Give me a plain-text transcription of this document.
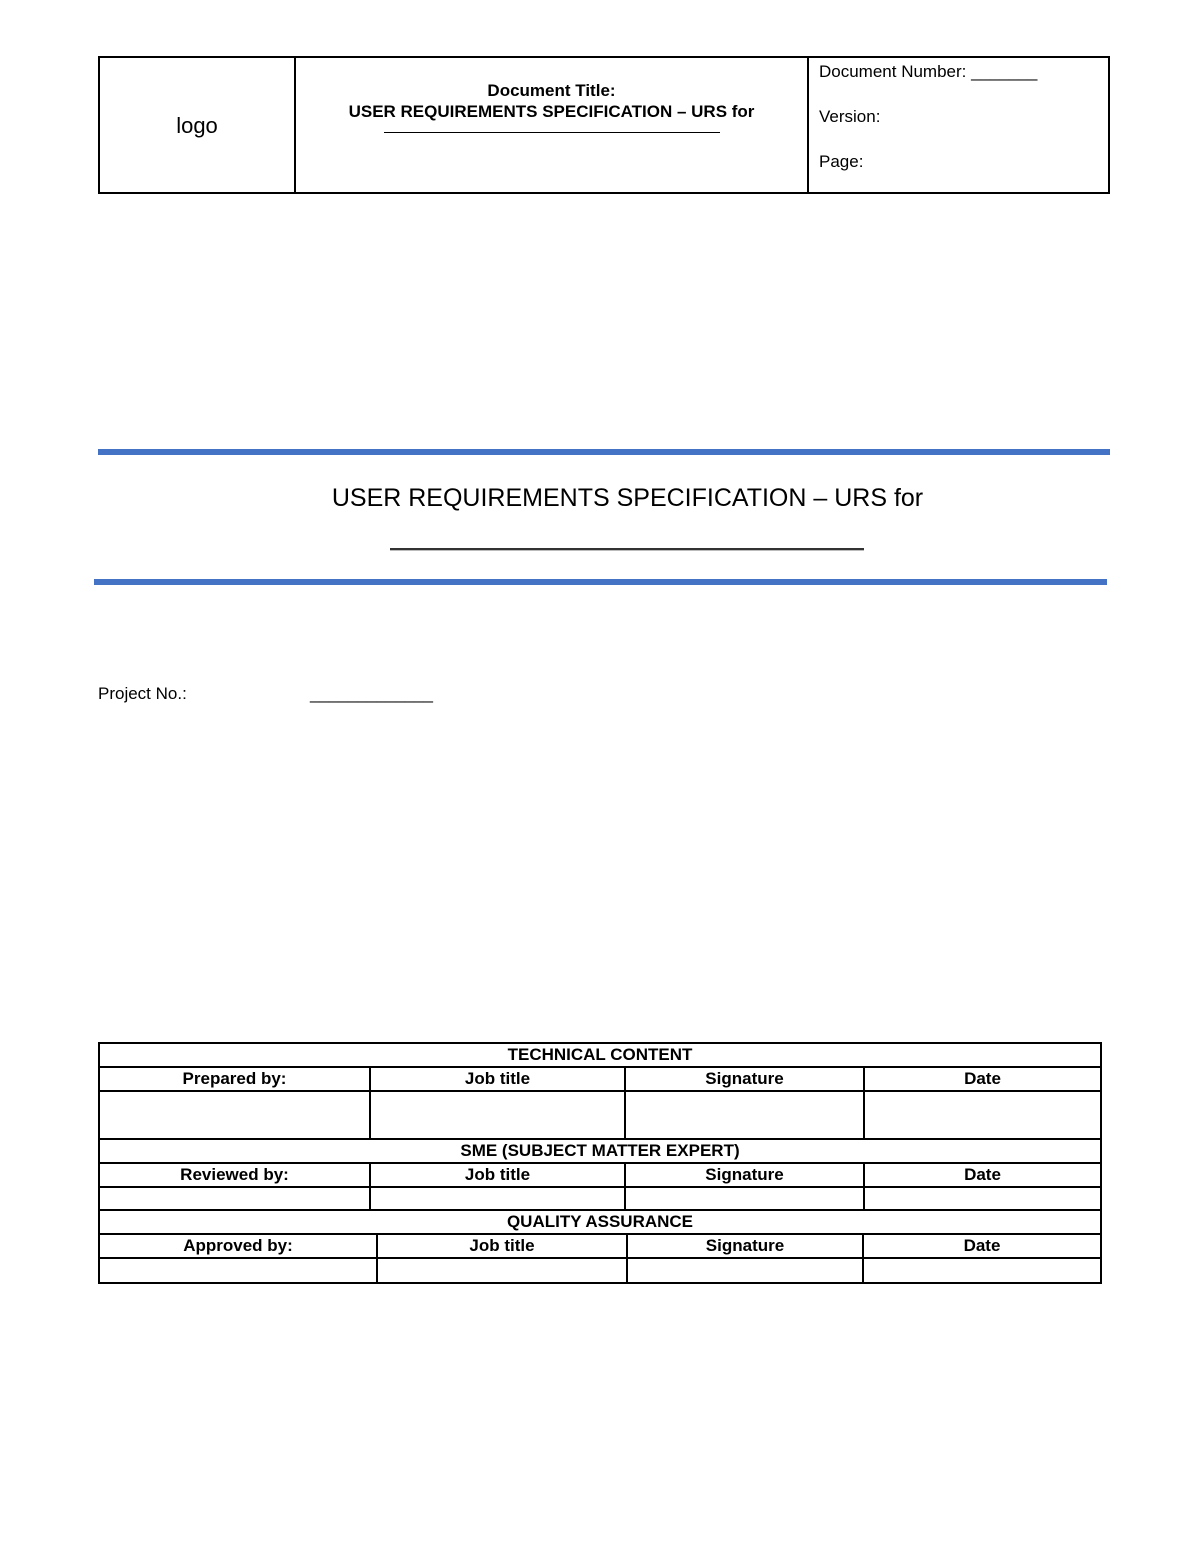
logo
Document Title:
USER REQUIREMENTS SPECIFICATION – URS for
Document Number: _______
Version:
Page:
USER REQUIREMENTS SPECIFICATION – URS for
Project No.:	_____________
TECHNICAL CONTENT
Prepared by:	Job title	Signature	Date
SME (SUBJECT MATTER EXPERT)
Reviewed by:	Job title	Signature	Date
QUALITY ASSURANCE
Approved by:	Job title	Signature	Date
